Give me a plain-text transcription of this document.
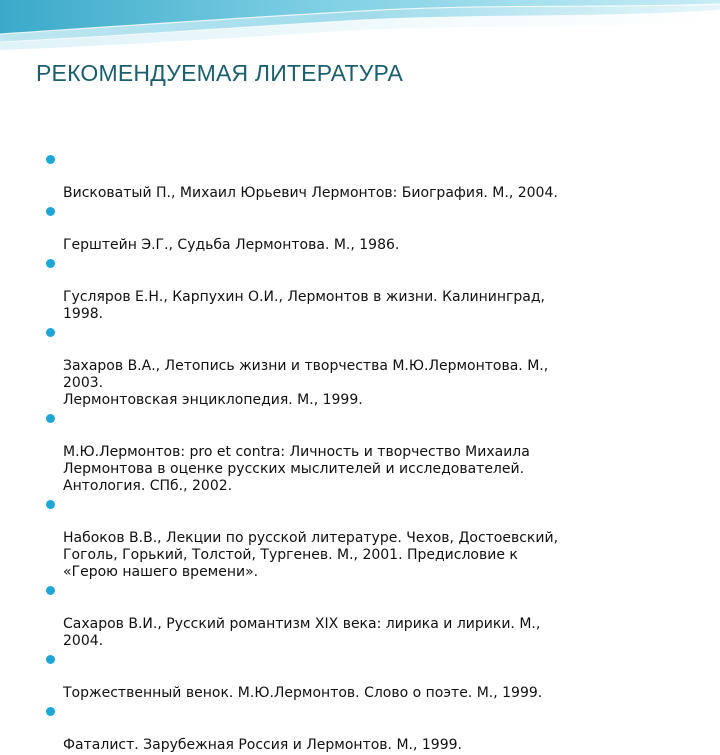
РЕКОМЕНДУЕМАЯ ЛИТЕРАТУРА

Висковатый П., Михаил Юрьевич Лермонтов: Биография. М., 2004.

Герштейн Э.Г., Судьба Лермонтова. М., 1986.

Гусляров Е.Н., Карпухин О.И., Лермонтов в жизни. Калининград,
1998.

Захаров В.А., Летопись жизни и творчества М.Ю.Лермонтова. М.,
2003.
Лермонтовская энциклопедия. М., 1999.

М.Ю.Лермонтов: pro et contra: Личность и творчество Михаила
Лермонтова в оценке русских мыслителей и исследователей.
Антология. СПб., 2002.

Набоков В.В., Лекции по русской литературе. Чехов, Достоевский,
Гоголь, Горький, Толстой, Тургенев. М., 2001. Предисловие к
«Герою нашего времени».

Сахаров В.И., Русский романтизм XIX века: лирика и лирики. М.,
2004.

Торжественный венок. М.Ю.Лермонтов. Слово о поэте. М., 1999.

Фаталист. Зарубежная Россия и Лермонтов. М., 1999.
